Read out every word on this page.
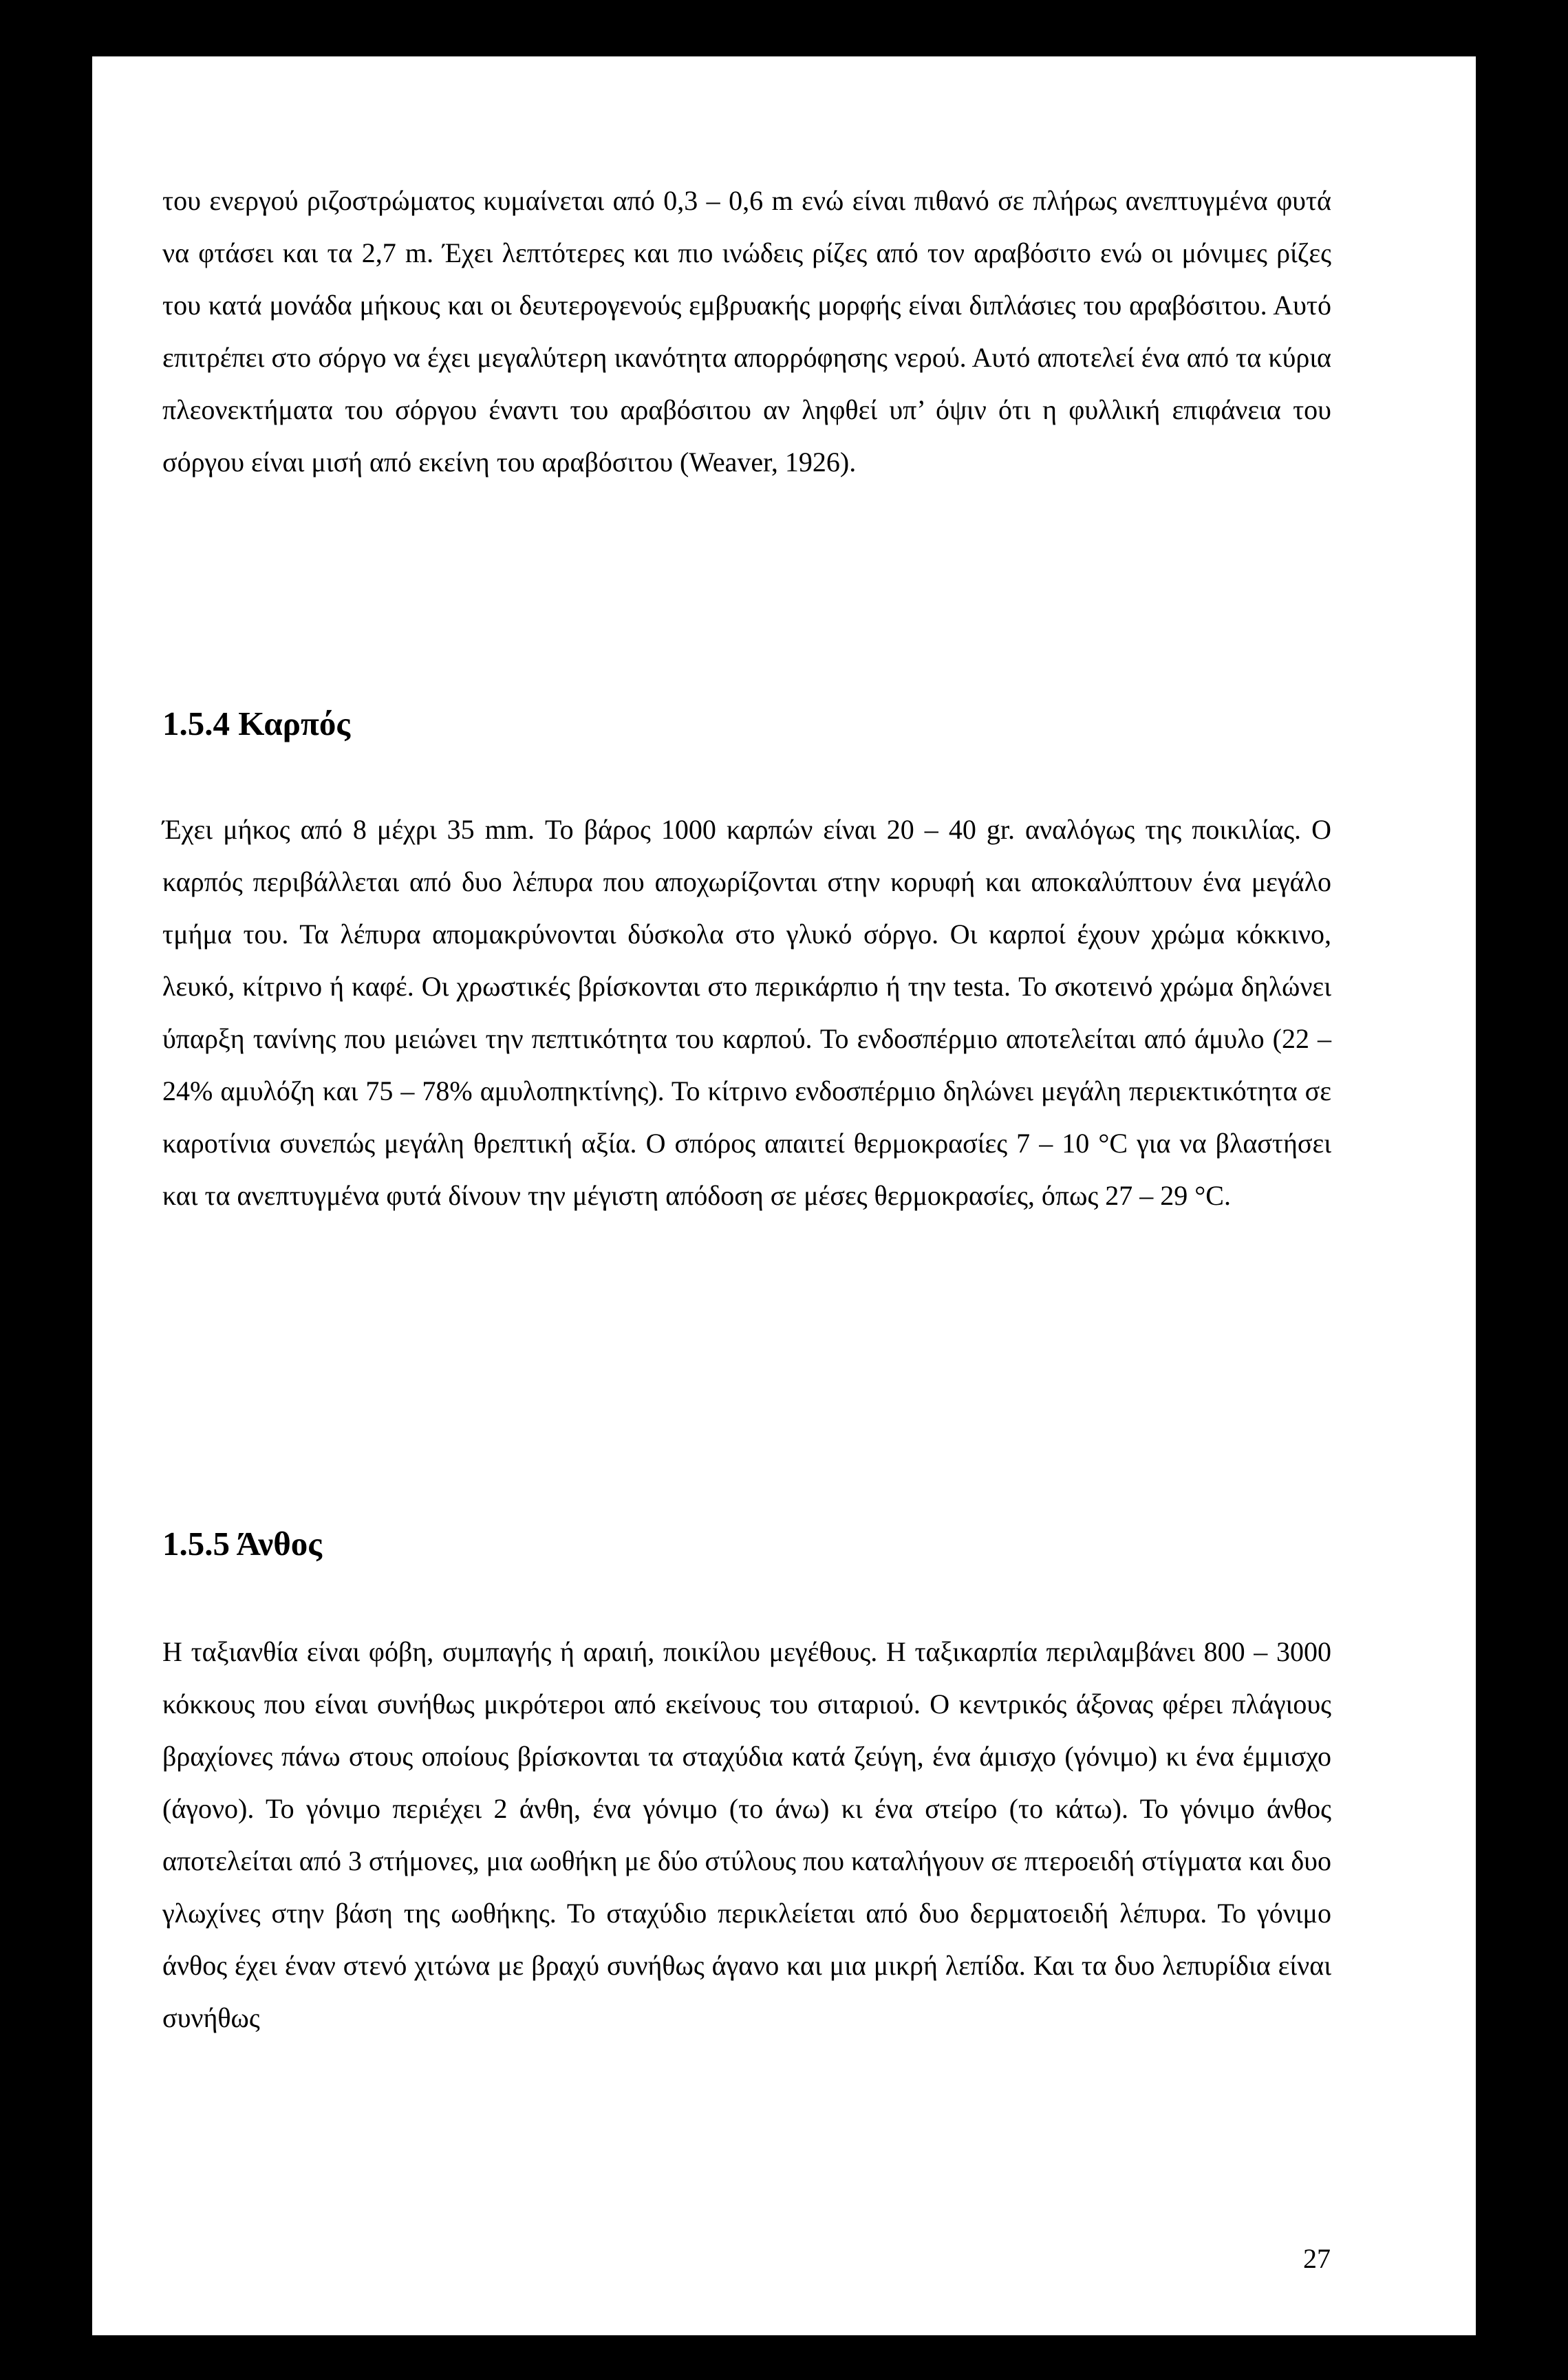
του ενεργού ριζοστρώματος κυμαίνεται από 0,3 – 0,6 m ενώ είναι πιθανό σε πλήρως ανεπτυγμένα φυτά να φτάσει και τα 2,7 m. Έχει λεπτότερες και πιο ινώδεις ρίζες από τον αραβόσιτο ενώ οι μόνιμες ρίζες του κατά μονάδα μήκους και οι δευτερογενούς εμβρυακής μορφής είναι διπλάσιες του αραβόσιτου. Αυτό επιτρέπει στο σόργο να έχει μεγαλύτερη ικανότητα απορρόφησης νερού. Αυτό αποτελεί ένα από τα κύρια πλεονεκτήματα του σόργου έναντι του αραβόσιτου αν ληφθεί υπ’ όψιν ότι η φυλλική επιφάνεια του σόργου είναι μισή από εκείνη του αραβόσιτου (Weaver, 1926).
1.5.4 Καρπός
Έχει μήκος από 8 μέχρι 35 mm. Το βάρος 1000 καρπών είναι 20 – 40 gr. αναλόγως της ποικιλίας. Ο καρπός περιβάλλεται από δυο λέπυρα που αποχωρίζονται στην κορυφή και αποκαλύπτουν ένα μεγάλο τμήμα του. Τα λέπυρα απομακρύνονται δύσκολα στο γλυκό σόργο. Οι καρποί έχουν χρώμα κόκκινο, λευκό, κίτρινο ή καφέ. Οι χρωστικές βρίσκονται στο περικάρπιο ή την testa. Το σκοτεινό χρώμα δηλώνει ύπαρξη τανίνης που μειώνει την πεπτικότητα του καρπού. Το ενδοσπέρμιο αποτελείται από άμυλο (22 – 24% αμυλόζη και 75 – 78% αμυλοπηκτίνης). Το κίτρινο ενδοσπέρμιο δηλώνει μεγάλη περιεκτικότητα σε καροτίνια συνεπώς μεγάλη θρεπτική αξία. Ο σπόρος απαιτεί θερμοκρασίες 7 – 10 °C για να βλαστήσει και τα ανεπτυγμένα φυτά δίνουν την μέγιστη απόδοση σε μέσες θερμοκρασίες, όπως 27 – 29 °C.
1.5.5 Άνθος
Η ταξιανθία είναι φόβη, συμπαγής ή αραιή, ποικίλου μεγέθους. Η ταξικαρπία περιλαμβάνει 800 – 3000 κόκκους που είναι συνήθως μικρότεροι από εκείνους του σιταριού. Ο κεντρικός άξονας φέρει πλάγιους βραχίονες πάνω στους οποίους βρίσκονται τα σταχύδια κατά ζεύγη, ένα άμισχο (γόνιμο) κι ένα έμμισχο (άγονο). Το γόνιμο περιέχει 2 άνθη, ένα γόνιμο (το άνω) κι ένα στείρο (το κάτω). Το γόνιμο άνθος αποτελείται από 3 στήμονες, μια ωοθήκη με δύο στύλους που καταλήγουν σε πτεροειδή στίγματα και δυο γλωχίνες στην βάση της ωοθήκης. Το σταχύδιο περικλείεται από δυο δερματοειδή λέπυρα. Το γόνιμο άνθος έχει έναν στενό χιτώνα με βραχύ συνήθως άγανο και μια μικρή λεπίδα. Και τα δυο λεπυρίδια είναι συνήθως
27
